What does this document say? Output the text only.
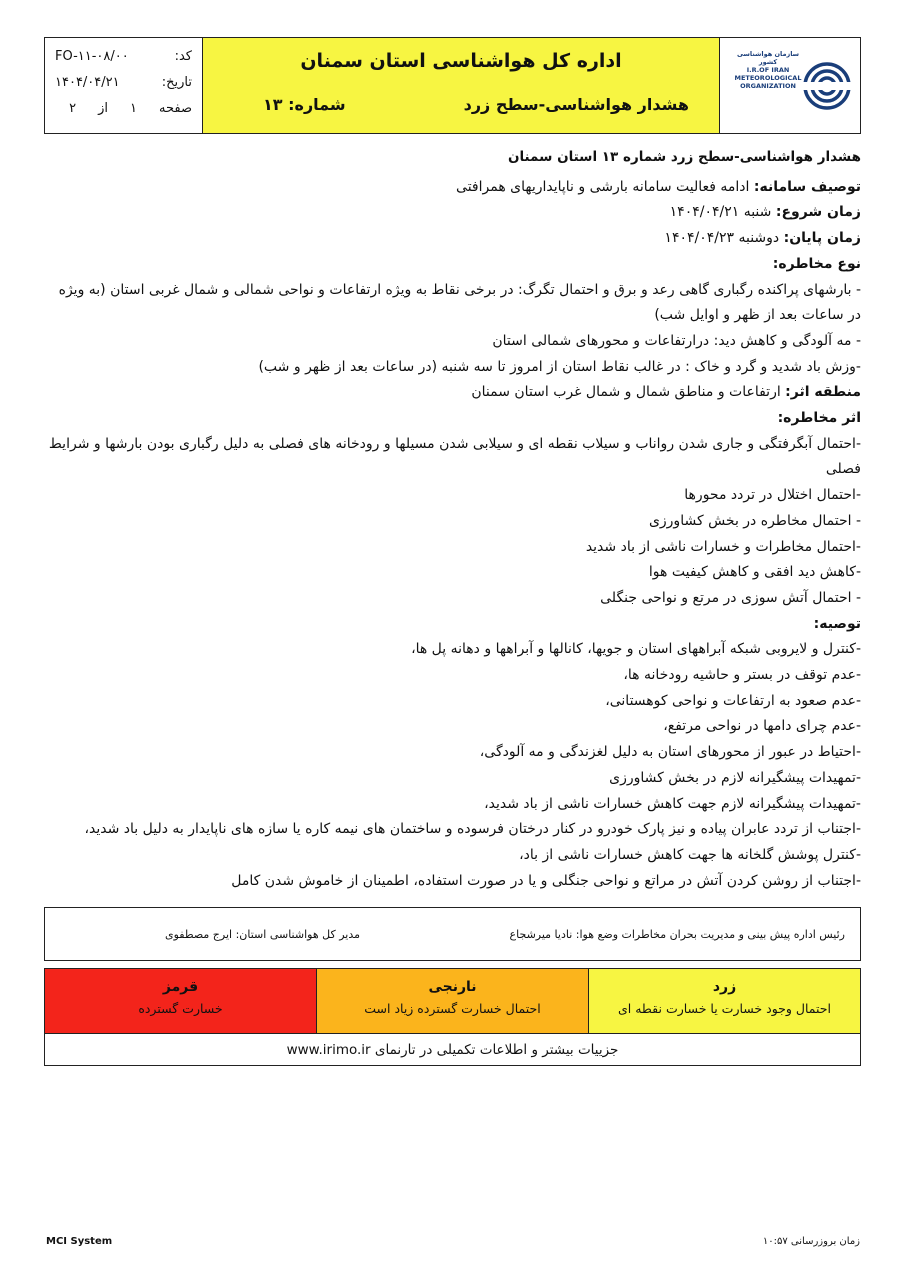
کد:
FO-۱۱-۰۸/۰۰
تاریخ:
۱۴۰۴/۰۴/۲۱
صفحه
۱
از
۲
اداره کل هواشناسی استان سمنان
هشدار هواشناسی-سطح زرد
شماره: ۱۳
سازمان هواشناسی کشور
I.R.OF IRAN
METEOROLOGICAL
ORGANIZATION

هشدار هواشناسی-سطح زرد شماره ۱۳ استان سمنان

توصیف سامانه: ادامه فعالیت سامانه بارشی و ناپایداریهای همرافتی

زمان شروع: شنبه ۱۴۰۴/۰۴/۲۱

زمان پایان: دوشنبه ۱۴۰۴/۰۴/۲۳

نوع مخاطره:

- بارشهای پراکنده رگباری گاهی رعد و برق و احتمال تگرگ: در برخی نقاط به ویژه ارتفاعات و نواحی شمالی و شمال غربی استان (به ویژه در ساعات بعد از ظهر و اوایل شب)

- مه آلودگی و کاهش دید: درارتفاعات و محورهای شمالی استان

-وزش باد شدید و گرد و خاک : در غالب نقاط استان از امروز تا سه شنبه (در ساعات بعد از ظهر و شب)

منطقه اثر: ارتفاعات و مناطق شمال و شمال غرب استان سمنان

اثر مخاطره:

-احتمال آبگرفتگی و جاری شدن رواناب و سیلاب نقطه ای و سیلابی شدن مسیلها و رودخانه های فصلی به دلیل رگباری بودن بارشها و شرایط فصلی

-احتمال اختلال در تردد محورها

- احتمال مخاطره در بخش کشاورزی

-احتمال مخاطرات و خسارات ناشی از باد شدید

-کاهش دید افقی و کاهش کیفیت هوا

- احتمال آتش سوزی در مرتع و نواحی جنگلی

توصیه:

-کنترل و لایروبی شبکه آبراههای استان و جویها، کانالها و آبراهها و دهانه پل ها،

-عدم توقف در بستر و حاشیه رودخانه ها،

-عدم صعود به ارتفاعات و نواحی کوهستانی،

-عدم چرای دامها در نواحی مرتفع،

-احتیاط در عبور از محورهای استان به دلیل لغزندگی و مه آلودگی،

-تمهیدات پیشگیرانه لازم در بخش کشاورزی

-تمهیدات پیشگیرانه لازم جهت کاهش خسارات ناشی از باد شدید،

-اجتناب از تردد عابران پیاده و نیز پارک خودرو در کنار درختان فرسوده و ساختمان های نیمه کاره یا سازه های ناپایدار به دلیل باد شدید،

-کنترل پوشش گلخانه ها جهت کاهش خسارات ناشی از باد،

-اجتناب از روشن کردن آتش در مراتع و نواحی جنگلی و یا در صورت استفاده، اطمینان از خاموش شدن کامل

رئیس اداره پیش بینی و مدیریت بحران مخاطرات وضع هوا: نادیا میرشجاع
مدیر کل هواشناسی استان: ایرج مصطفوی
زرد
احتمال وجود خسارت یا خسارت نقطه ای
نارنجی
احتمال خسارت گسترده زیاد است
قرمز
خسارت گسترده
جزییات بیشتر و اطلاعات تکمیلی در تارنمای www.irimo.ir
MCI System	زمان بروزرسانی ۱۰:۵۷
